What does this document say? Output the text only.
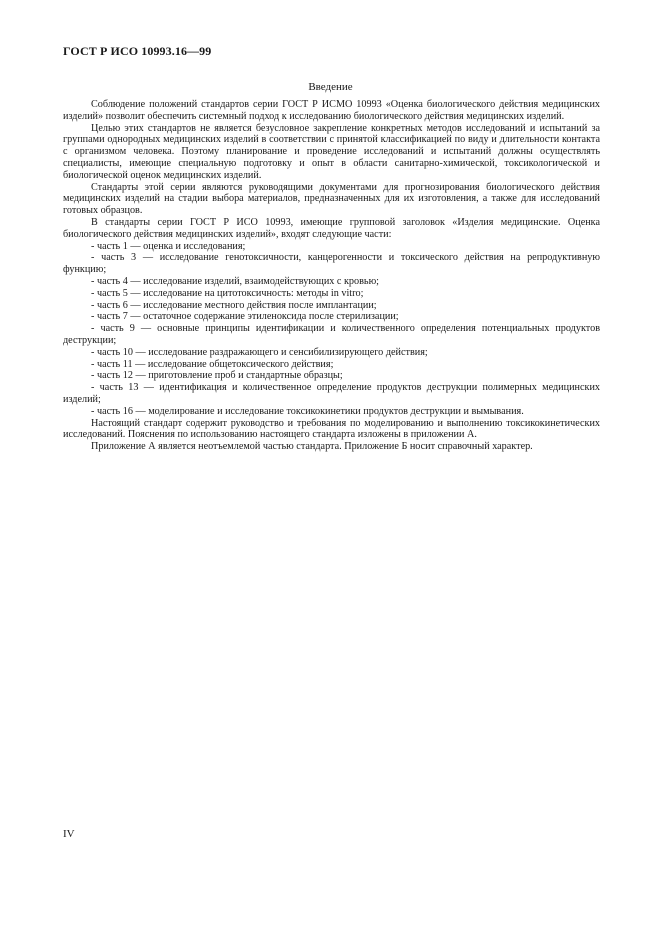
ГОСТ Р ИСО 10993.16—99
Введение

Соблюдение положений стандартов серии ГОСТ Р ИСМО 10993 «Оценка биологического действия медицинских изделий» позволит обеспечить системный подход к исследованию биологического действия медицинских изделий.

Целью этих стандартов не является безусловное закрепление конкретных методов исследований и испытаний за группами однородных медицинских изделий в соответствии с принятой классификацией по виду и длительности контакта с организмом человека. Поэтому планирование и проведение исследований и испытаний должны осуществлять специалисты, имеющие специальную подготовку и опыт в области санитарно-химической, токсикологической и биологической оценок медицинских изделий.

Стандарты этой серии являются руководящими документами для прогнозирования биологического действия медицинских изделий на стадии выбора материалов, предназначенных для их изготовления, а также для исследований готовых образцов.

В стандарты серии ГОСТ Р ИСО 10993, имеющие групповой заголовок «Изделия медицинские. Оценка биологического действия медицинских изделий», входят следующие части:

- часть 1 — оценка и исследования;

- часть 3 — исследование генотоксичности, канцерогенности и токсического действия на репродуктивную функцию;

- часть 4 — исследование изделий, взаимодействующих с кровью;

- часть 5 — исследование на цитотоксичность: методы in vitro;

- часть 6 — исследование местного действия после имплантации;

- часть 7 — остаточное содержание этиленоксида после стерилизации;

- часть 9 — основные принципы идентификации и количественного определения потенциальных продуктов деструкции;

- часть 10 — исследование раздражающего и сенсибилизирующего действия;

- часть 11 — исследование общетоксического действия;

- часть 12 — приготовление проб и стандартные образцы;

- часть 13 — идентификация и количественное определение продуктов деструкции полимерных медицинских изделий;

- часть 16 — моделирование и исследование токсикокинетики продуктов деструкции и вымывания.

Настоящий стандарт содержит руководство и требования по моделированию и выполнению токсикокинетических исследований. Пояснения по использованию настоящего стандарта изложены в приложении А.

Приложение А является неотъемлемой частью стандарта. Приложение Б носит справочный характер.

IV
